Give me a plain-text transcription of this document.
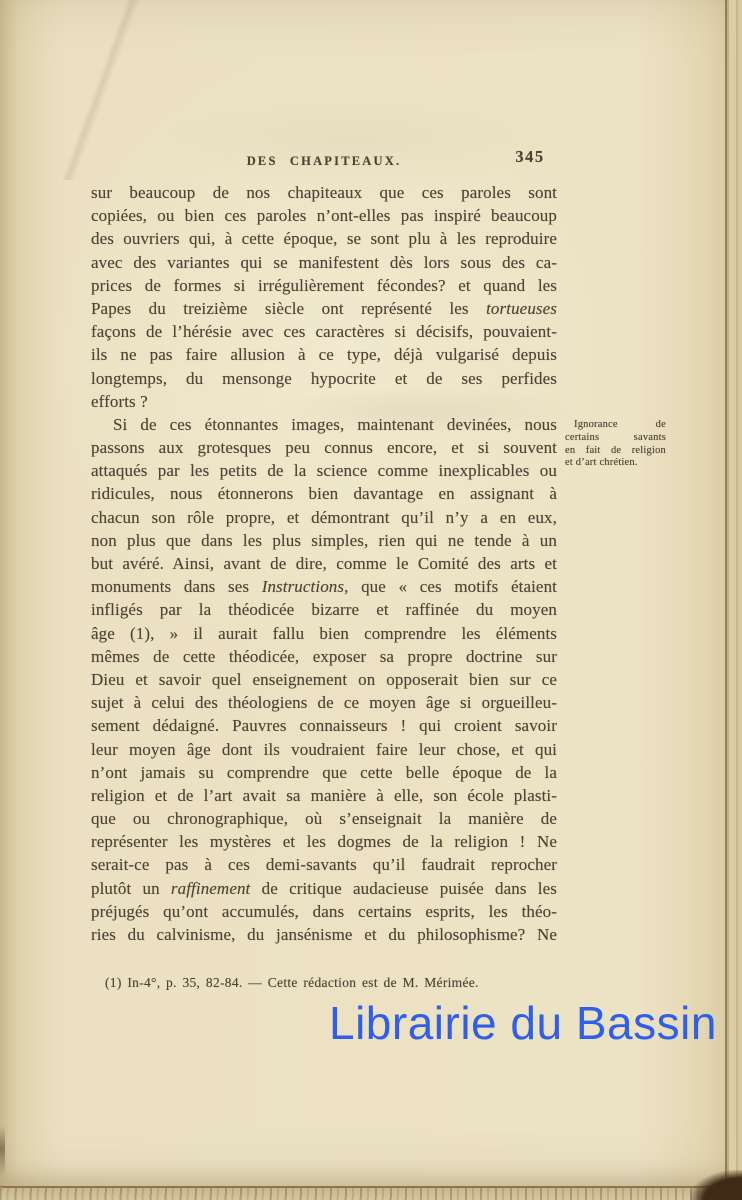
DES CHAPITEAUX.	345
sur beaucoup de nos chapiteaux que ces paroles sont
copiées, ou bien ces paroles n’ont-elles pas inspiré beaucoup
des ouvriers qui, à cette époque, se sont plu à les reproduire
avec des variantes qui se manifestent dès lors sous des ca-
prices de formes si irrégulièrement fécondes? et quand les
Papes du treizième siècle ont représenté les tortueuses
façons de l’hérésie avec ces caractères si décisifs, pouvaient-
ils ne pas faire allusion à ce type, déjà vulgarisé depuis
longtemps, du mensonge hypocrite et de ses perfides
efforts ?
Si de ces étonnantes images, maintenant devinées, nous
passons aux grotesques peu connus encore, et si souvent
attaqués par les petits de la science comme inexplicables ou
ridicules, nous étonnerons bien davantage en assignant à
chacun son rôle propre, et démontrant qu’il n’y a en eux,
non plus que dans les plus simples, rien qui ne tende à un
but avéré. Ainsi, avant de dire, comme le Comité des arts et
monuments dans ses Instructions, que « ces motifs étaient
infligés par la théodicée bizarre et raffinée du moyen
âge (1), » il aurait fallu bien comprendre les éléments
mêmes de cette théodicée, exposer sa propre doctrine sur
Dieu et savoir quel enseignement on opposerait bien sur ce
sujet à celui des théologiens de ce moyen âge si orgueilleu-
sement dédaigné. Pauvres connaisseurs ! qui croient savoir
leur moyen âge dont ils voudraient faire leur chose, et qui
n’ont jamais su comprendre que cette belle époque de la
religion et de l’art avait sa manière à elle, son école plasti-
que ou chronographique, où s’enseignait la manière de
représenter les mystères et les dogmes de la religion ! Ne
serait-ce pas à ces demi-savants qu’il faudrait reprocher
plutôt un raffinement de critique audacieuse puisée dans les
préjugés qu’ont accumulés, dans certains esprits, les théo-
ries du calvinisme, du jansénisme et du philosophisme? Ne
Ignorance de
certains savants
en fait de religion
et d’art chrétien.
(1) In-4°, p. 35, 82-84. — Cette rédaction est de M. Mérimée.
Librairie du Bassin
